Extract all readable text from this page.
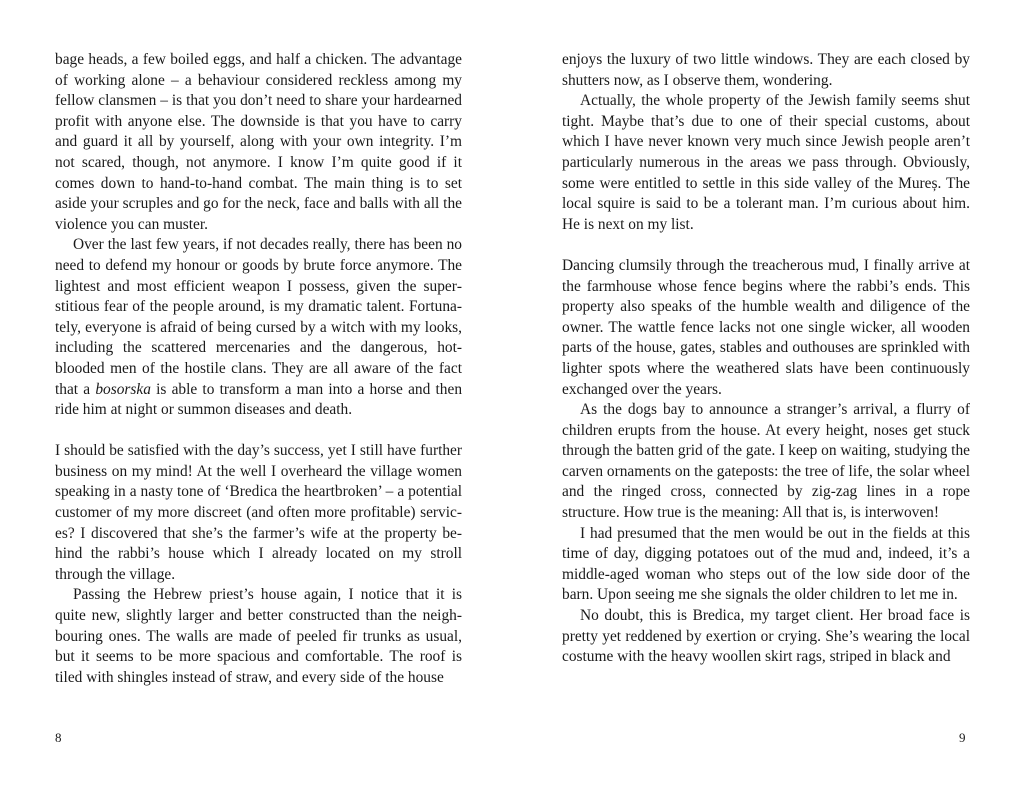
bage heads, a few boiled eggs, and half a chicken. The advantage of working alone – a behaviour considered reckless among my fellow clansmen – is that you don’t need to share your hardearned profit with anyone else. The downside is that you have to carry and guard it all by yourself, along with your own integrity. I’m not scared, though, not anymore. I know I’m quite good if it comes down to hand-to-hand combat. The main thing is to set aside your scruples and go for the neck, face and balls with all the violence you can muster.

Over the last few years, if not decades really, there has been no need to defend my honour or goods by brute force anymore. The lightest and most efficient weapon I possess, given the superstitious fear of the people around, is my dramatic talent. Fortunately, everyone is afraid of being cursed by a witch with my looks, including the scattered mercenaries and the dangerous, hot-blooded men of the hostile clans. They are all aware of the fact that a bosorska is able to transform a man into a horse and then ride him at night or summon diseases and death.

I should be satisfied with the day’s success, yet I still have further business on my mind! At the well I overheard the village women speaking in a nasty tone of ‘Bredica the heartbroken’ – a potential customer of my more discreet (and often more profitable) services? I discovered that she’s the farmer’s wife at the property behind the rabbi’s house which I already located on my stroll through the village.

Passing the Hebrew priest’s house again, I notice that it is quite new, slightly larger and better constructed than the neighbouring ones. The walls are made of peeled fir trunks as usual, but it seems to be more spacious and comfortable. The roof is tiled with shingles instead of straw, and every side of the house

8

enjoys the luxury of two little windows. They are each closed by shutters now, as I observe them, wondering.

Actually, the whole property of the Jewish family seems shut tight. Maybe that’s due to one of their special customs, about which I have never known very much since Jewish people aren’t particularly numerous in the areas we pass through. Obviously, some were entitled to settle in this side valley of the Mureș. The local squire is said to be a tolerant man. I’m curious about him. He is next on my list.

Dancing clumsily through the treacherous mud, I finally arrive at the farmhouse whose fence begins where the rabbi’s ends. This property also speaks of the humble wealth and diligence of the owner. The wattle fence lacks not one single wicker, all wooden parts of the house, gates, stables and outhouses are sprinkled with lighter spots where the weathered slats have been continuously exchanged over the years.

As the dogs bay to announce a stranger’s arrival, a flurry of children erupts from the house. At every height, noses get stuck through the batten grid of the gate. I keep on waiting, studying the carven ornaments on the gateposts: the tree of life, the solar wheel and the ringed cross, connected by zig-zag lines in a rope structure. How true is the meaning: All that is, is interwoven!

I had presumed that the men would be out in the fields at this time of day, digging potatoes out of the mud and, indeed, it’s a middle-aged woman who steps out of the low side door of the barn. Upon seeing me she signals the older children to let me in.

No doubt, this is Bredica, my target client. Her broad face is pretty yet reddened by exertion or crying. She’s wearing the local costume with the heavy woollen skirt rags, striped in black and

9
